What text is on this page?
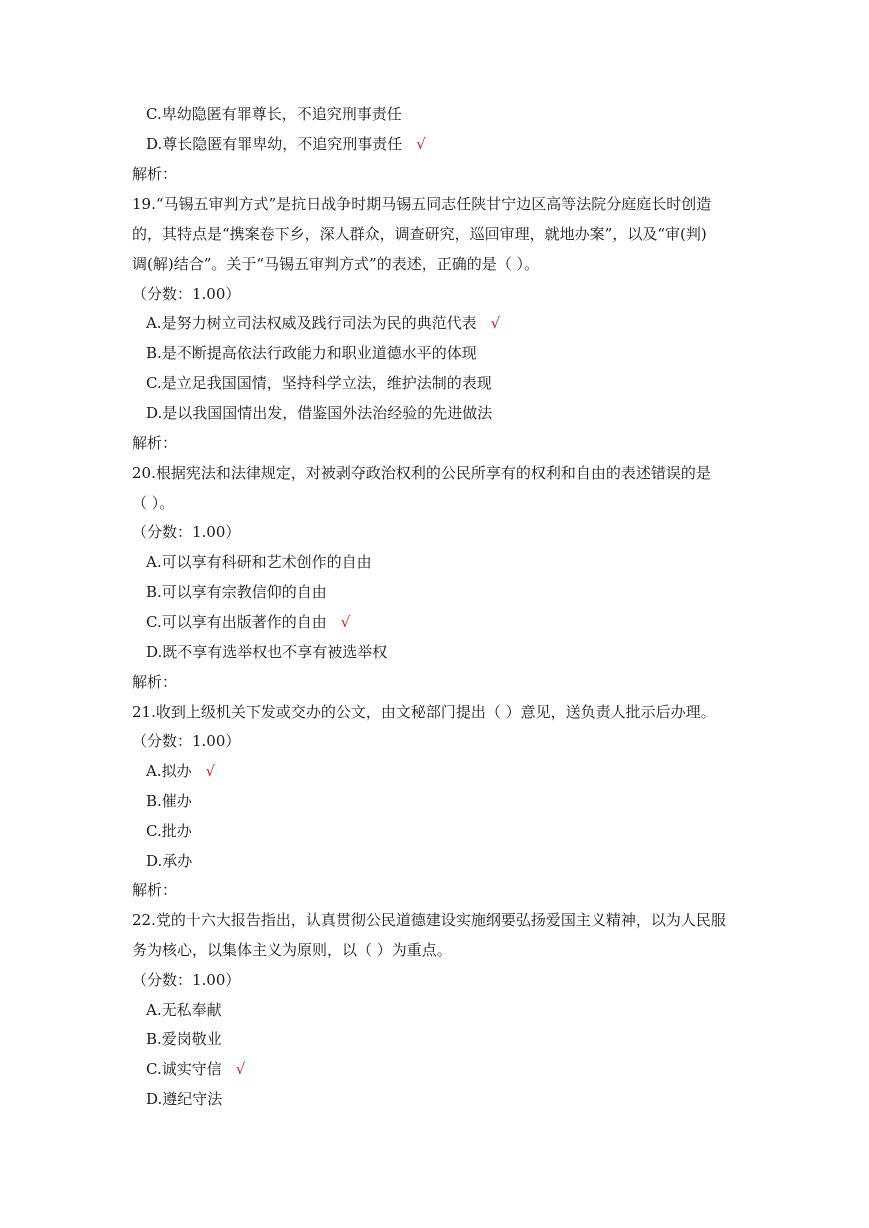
C.卑幼隐匿有罪尊长，不追究刑事责任
D.尊长隐匿有罪卑幼，不追究刑事责任 √
解析：
19.“马锡五审判方式”是抗日战争时期马锡五同志任陕甘宁边区高等法院分庭庭长时创造
的，其特点是“携案卷下乡，深人群众，调查研究，巡回审理，就地办案”，以及“审(判)
调(解)结合”。关于“马锡五审判方式”的表述，正确的是（ ）。
（分数：1.00）
A.是努力树立司法权威及践行司法为民的典范代表 √
B.是不断提高依法行政能力和职业道德水平的体现
C.是立足我国国情，坚持科学立法，维护法制的表现
D.是以我国国情出发，借鉴国外法治经验的先进做法
解析：
20.根据宪法和法律规定，对被剥夺政治权利的公民所享有的权利和自由的表述错误的是
（ ）。
（分数：1.00）
A.可以享有科研和艺术创作的自由
B.可以享有宗教信仰的自由
C.可以享有出版著作的自由 √
D.既不享有选举权也不享有被选举权
解析：
21.收到上级机关下发或交办的公文，由文秘部门提出（ ）意见，送负责人批示后办理。
（分数：1.00）
A.拟办 √
B.催办
C.批办
D.承办
解析：
22.党的十六大报告指出，认真贯彻公民道德建设实施纲要弘扬爱国主义精神，以为人民服
务为核心，以集体主义为原则，以（ ）为重点。
（分数：1.00）
A.无私奉献
B.爱岗敬业
C.诚实守信 √
D.遵纪守法
